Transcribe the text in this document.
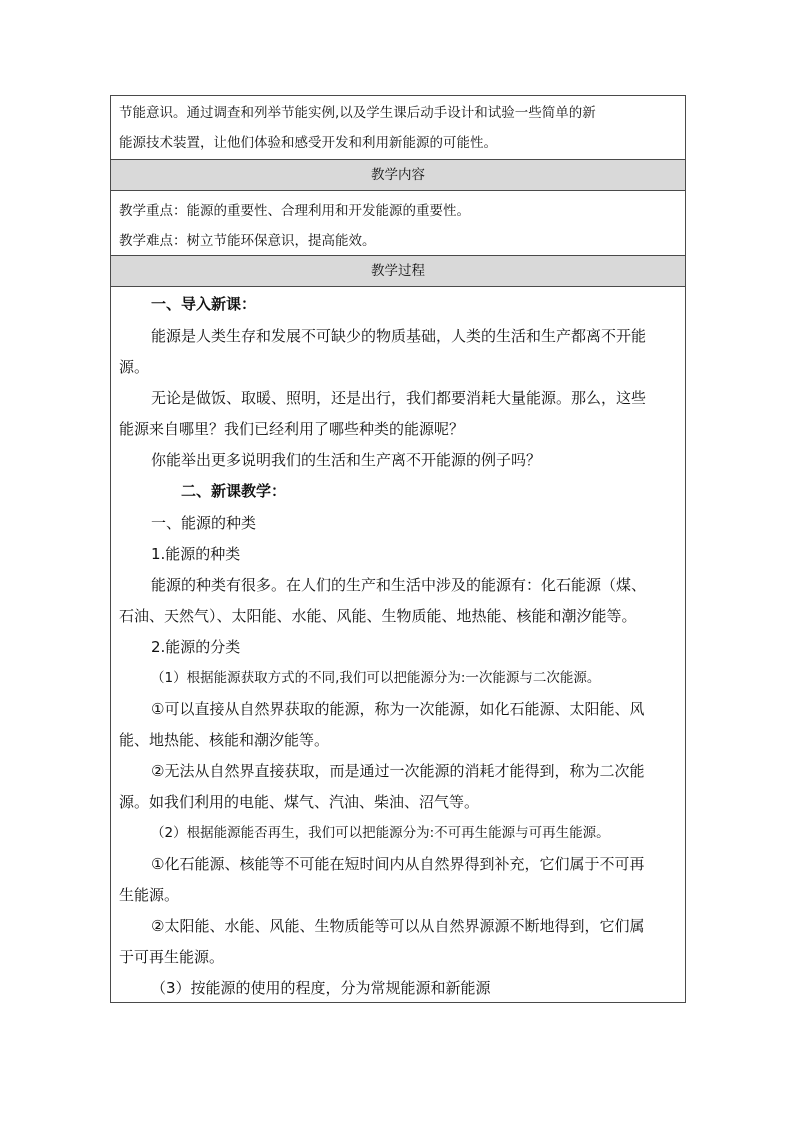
节能意识。通过调查和列举节能实例,以及学生课后动手设计和试验一些简单的新
能源技术装置，让他们体验和感受开发和利用新能源的可能性。
教学内容
教学重点：能源的重要性、合理利用和开发能源的重要性。
教学难点：树立节能环保意识，提高能效。
教学过程
一、导入新课：
能源是人类生存和发展不可缺少的物质基础，人类的生活和生产都离不开能
源。
无论是做饭、取暖、照明，还是出行，我们都要消耗大量能源。那么，这些
能源来自哪里？我们已经利用了哪些种类的能源呢？
你能举出更多说明我们的生活和生产离不开能源的例子吗？
二、新课教学：
一、能源的种类
1.能源的种类
能源的种类有很多。在人们的生产和生活中涉及的能源有：化石能源（煤、
石油、天然气）、太阳能、水能、风能、生物质能、地热能、核能和潮汐能等。
2.能源的分类
（1）根据能源获取方式的不同,我们可以把能源分为:一次能源与二次能源。
①可以直接从自然界获取的能源，称为一次能源，如化石能源、太阳能、风
能、地热能、核能和潮汐能等。
②无法从自然界直接获取，而是通过一次能源的消耗才能得到，称为二次能
源。如我们利用的电能、煤气、汽油、柴油、沼气等。
（2）根据能源能否再生，我们可以把能源分为:不可再生能源与可再生能源。
①化石能源、核能等不可能在短时间内从自然界得到补充，它们属于不可再
生能源。
②太阳能、水能、风能、生物质能等可以从自然界源源不断地得到，它们属
于可再生能源。
（3）按能源的使用的程度，分为常规能源和新能源
